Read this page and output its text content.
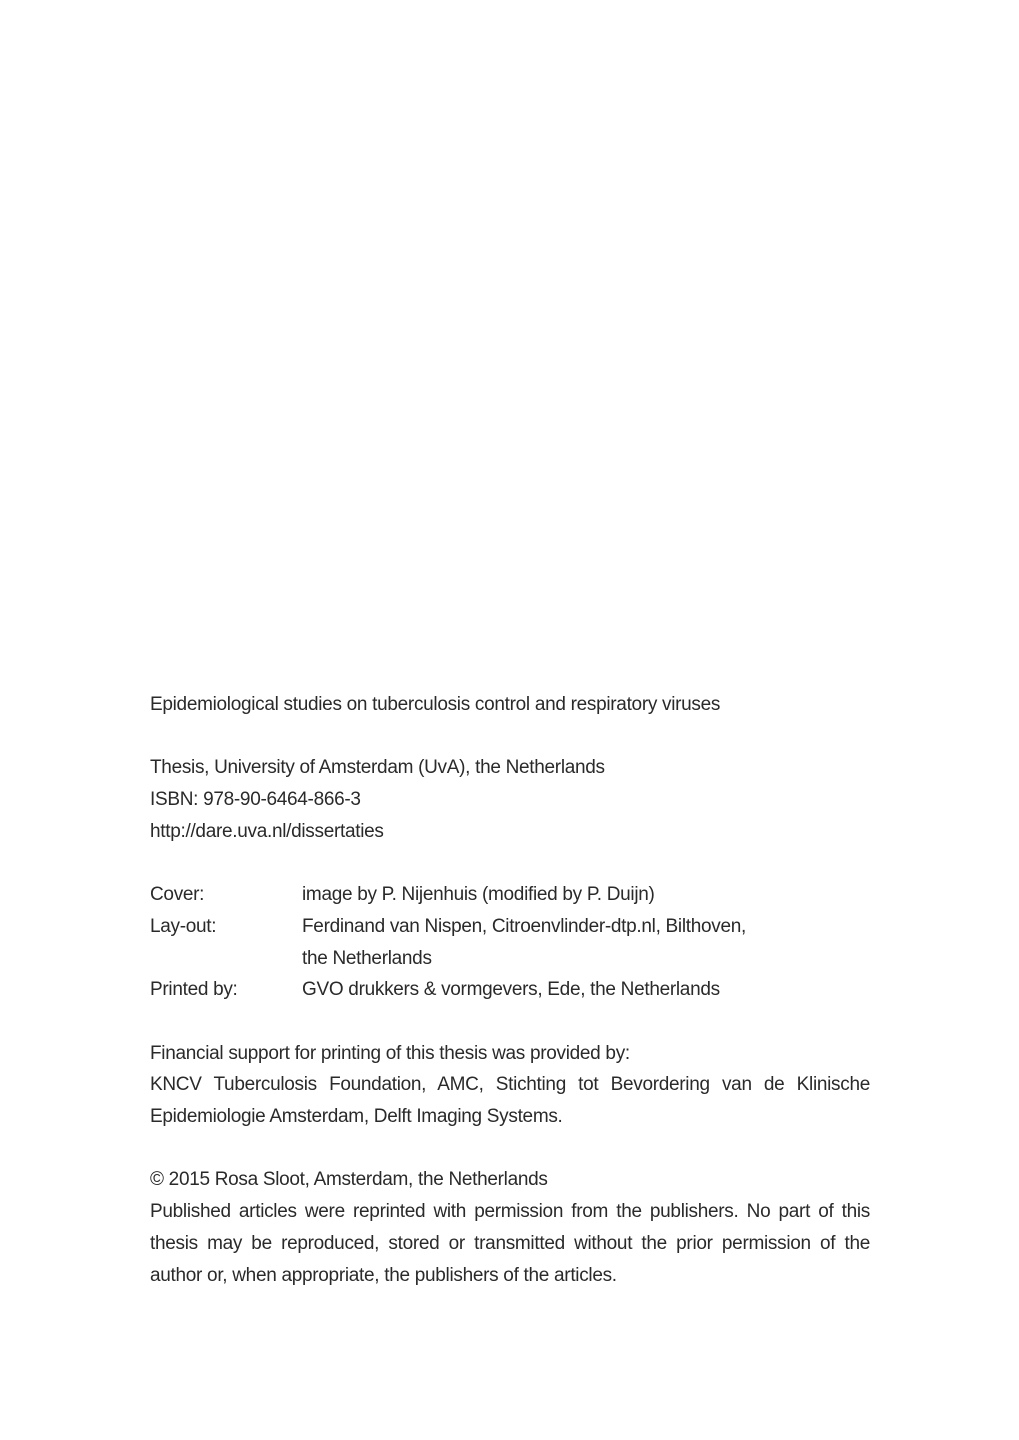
Epidemiological studies on tuberculosis control and respiratory viruses
Thesis, University of Amsterdam (UvA), the Netherlands
ISBN: 978-90-6464-866-3
http://dare.uva.nl/dissertaties
Cover:	image by P. Nijenhuis (modified by P. Duijn)
Lay-out:	Ferdinand van Nispen, Citroenvlinder-dtp.nl, Bilthoven,
the Netherlands
Printed by:	GVO drukkers & vormgevers, Ede, the Netherlands
Financial support for printing of this thesis was provided by:
KNCV Tuberculosis Foundation, AMC, Stichting tot Bevordering van de Klinische Epidemiologie Amsterdam, Delft Imaging Systems.
© 2015 Rosa Sloot, Amsterdam, the Netherlands
Published articles were reprinted with permission from the publishers. No part of this thesis may be reproduced, stored or transmitted without the prior permission of the author or, when appropriate, the publishers of the articles.
